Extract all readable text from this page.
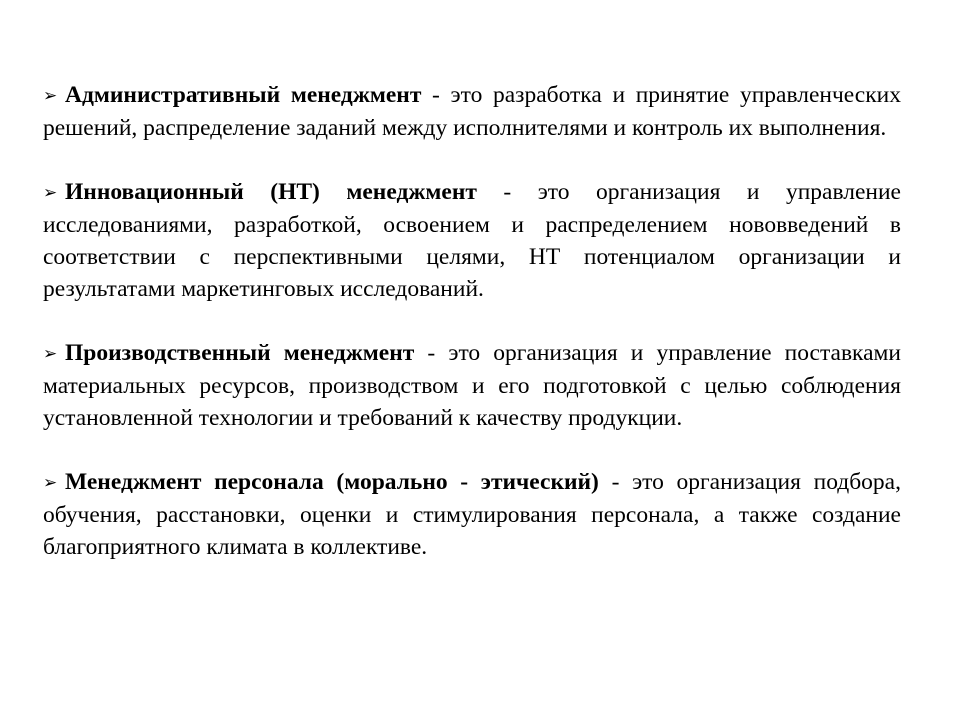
➢ Административный менеджмент - это разработка и принятие управленческих решений, распределение заданий между исполнителями и контроль их выполнения.

➢ Инновационный (НТ) менеджмент - это организация и управление исследованиями, разработкой, освоением и распределением нововведений в соответствии с перспективными целями, НТ потенциалом организации и результатами маркетинговых исследований.

➢ Производственный менеджмент - это организация и управление поставками материальных ресурсов, производством и его подготовкой с целью соблюдения установленной технологии и требований к качеству продукции.

➢ Менеджмент персонала (морально - этический) - это организация подбора, обучения, расстановки, оценки и стимулирования персонала, а также создание благоприятного климата в коллективе.
